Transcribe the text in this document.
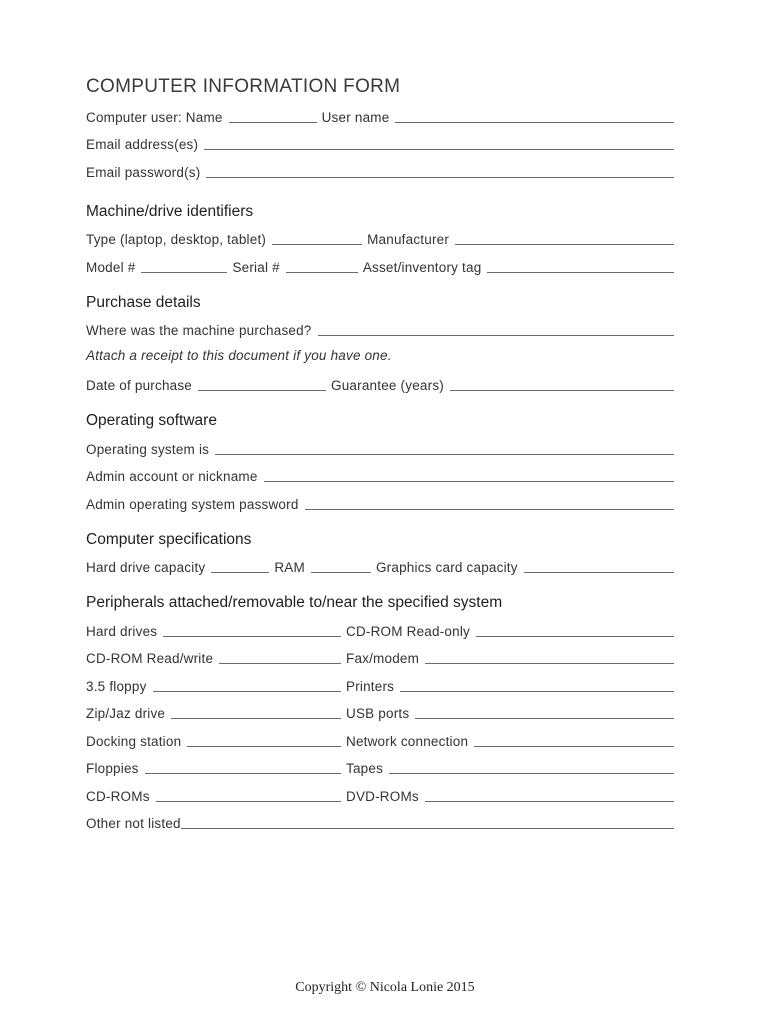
COMPUTER INFORMATION FORM
Computer user: Name	User name
Email address(es)
Email password(s)
Machine/drive identifiers
Type (laptop, desktop, tablet)	Manufacturer
Model #	Serial #	Asset/inventory tag
Purchase details
Where was the machine purchased?
Attach a receipt to this document if you have one.
Date of purchase	Guarantee (years)
Operating software
Operating system is
Admin account or nickname
Admin operating system password
Computer specifications
Hard drive capacity	RAM	Graphics card capacity
Peripherals attached/removable to/near the specified system
Hard drives	CD-ROM Read-only
CD-ROM Read/write	Fax/modem
3.5 floppy	Printers
Zip/Jaz drive	USB ports
Docking station	Network connection
Floppies	Tapes
CD-ROMs	DVD-ROMs
Other not listed
Copyright © Nicola Lonie 2015
